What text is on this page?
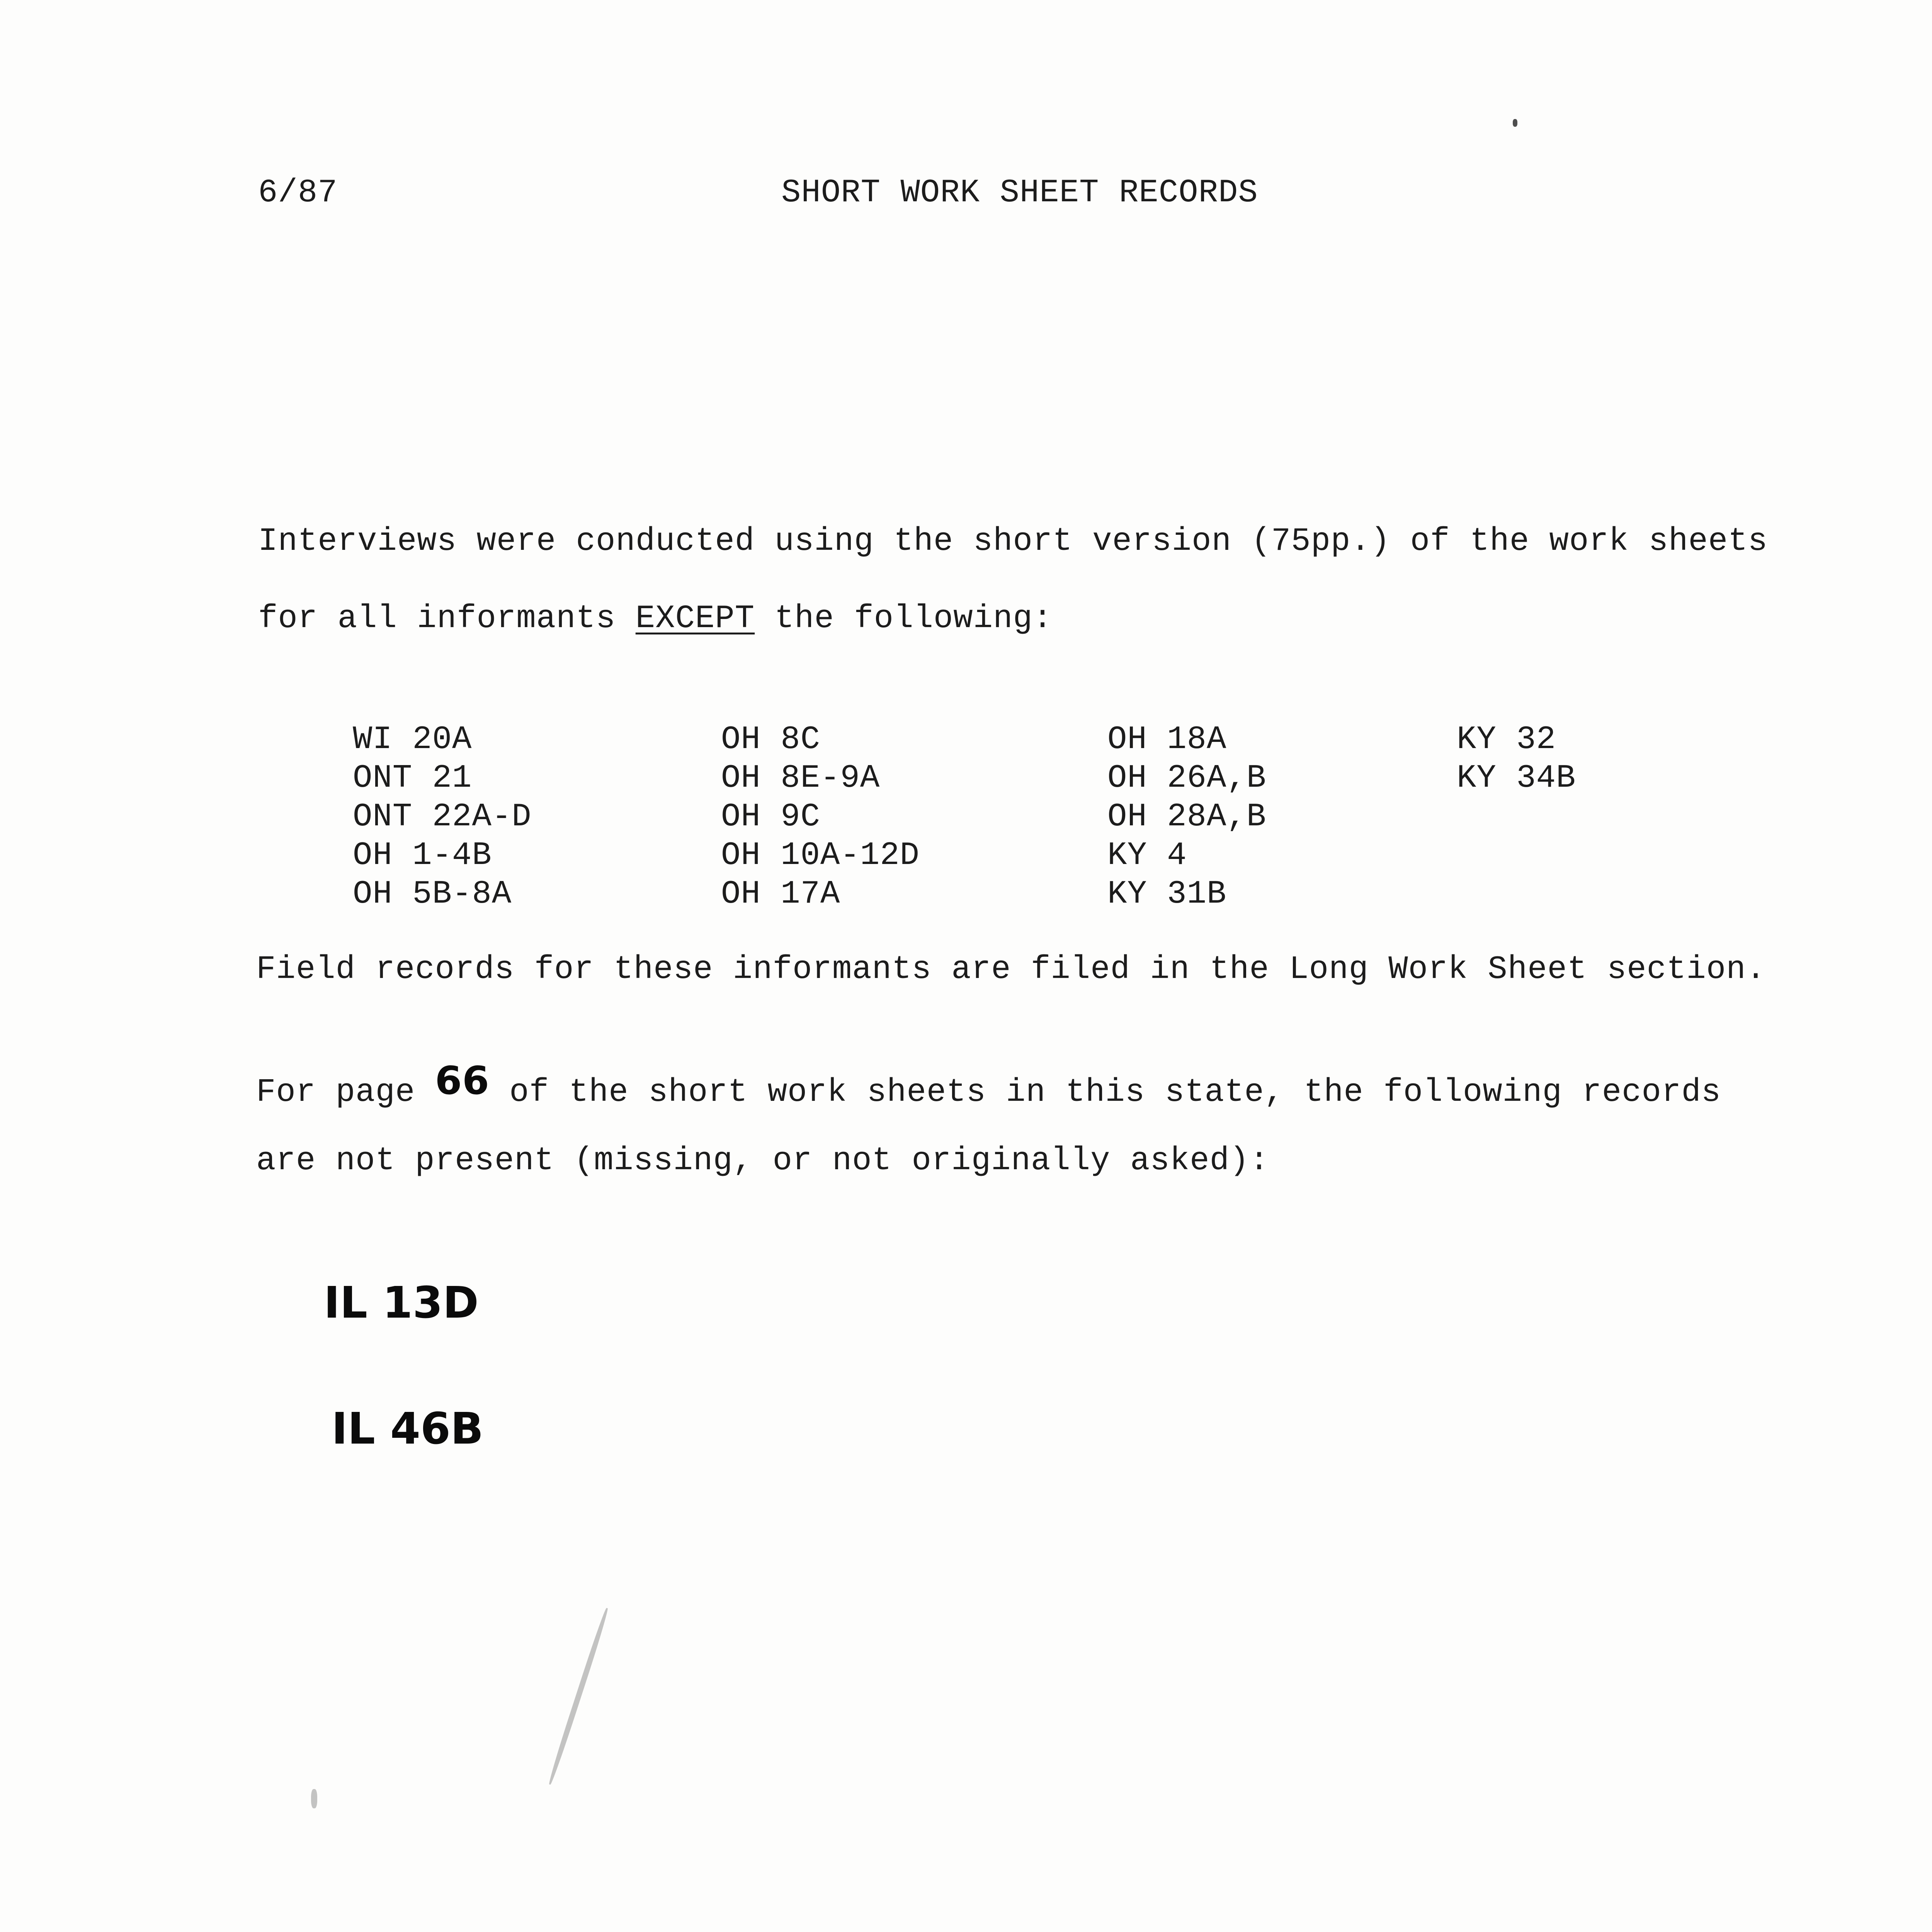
6/87	SHORT WORK SHEET RECORDS
Interviews were conducted using the short version (75pp.) of the work sheets
for all informants EXCEPT the following:
WI 20A
ONT 21
ONT 22A-D
OH 1-4B
OH 5B-8A
OH 8C
OH 8E-9A
OH 9C
OH 10A-12D
OH 17A
OH 18A
OH 26A,B
OH 28A,B
KY 4
KY 31B
KY 32
KY 34B
Field records for these informants are filed in the Long Work Sheet section.
For page 66 of the short work sheets in this state, the following records
are not present (missing, or not originally asked):
IL 13D
IL 46B
